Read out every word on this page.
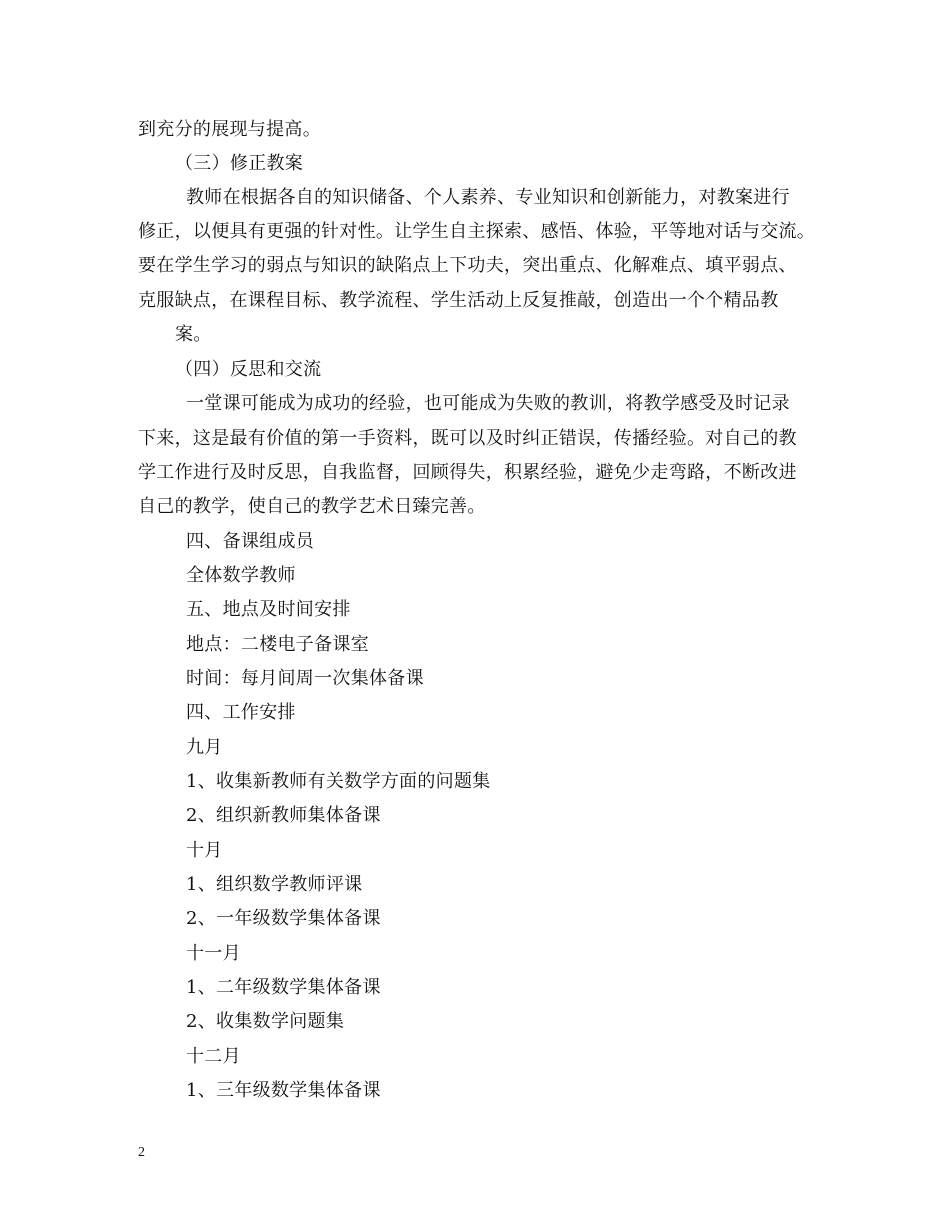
到充分的展现与提高。
（三）修正教案
教师在根据各自的知识储备、个人素养、专业知识和创新能力，对教案进行
修正，以便具有更强的针对性。让学生自主探索、感悟、体验，平等地对话与交流。
要在学生学习的弱点与知识的缺陷点上下功夫，突出重点、化解难点、填平弱点、
克服缺点，在课程目标、教学流程、学生活动上反复推敲，创造出一个个精品教
案。
（四）反思和交流
一堂课可能成为成功的经验，也可能成为失败的教训，将教学感受及时记录
下来，这是最有价值的第一手资料，既可以及时纠正错误，传播经验。对自己的教
学工作进行及时反思，自我监督，回顾得失，积累经验，避免少走弯路，不断改进
自己的教学，使自己的教学艺术日臻完善。
四、备课组成员
全体数学教师
五、地点及时间安排
地点：二楼电子备课室
时间：每月间周一次集体备课
四、工作安排
九月
1、收集新教师有关数学方面的问题集
2、组织新教师集体备课
十月
1、组织数学教师评课
2、一年级数学集体备课
十一月
1、二年级数学集体备课
2、收集数学问题集
十二月
1、三年级数学集体备课
2
